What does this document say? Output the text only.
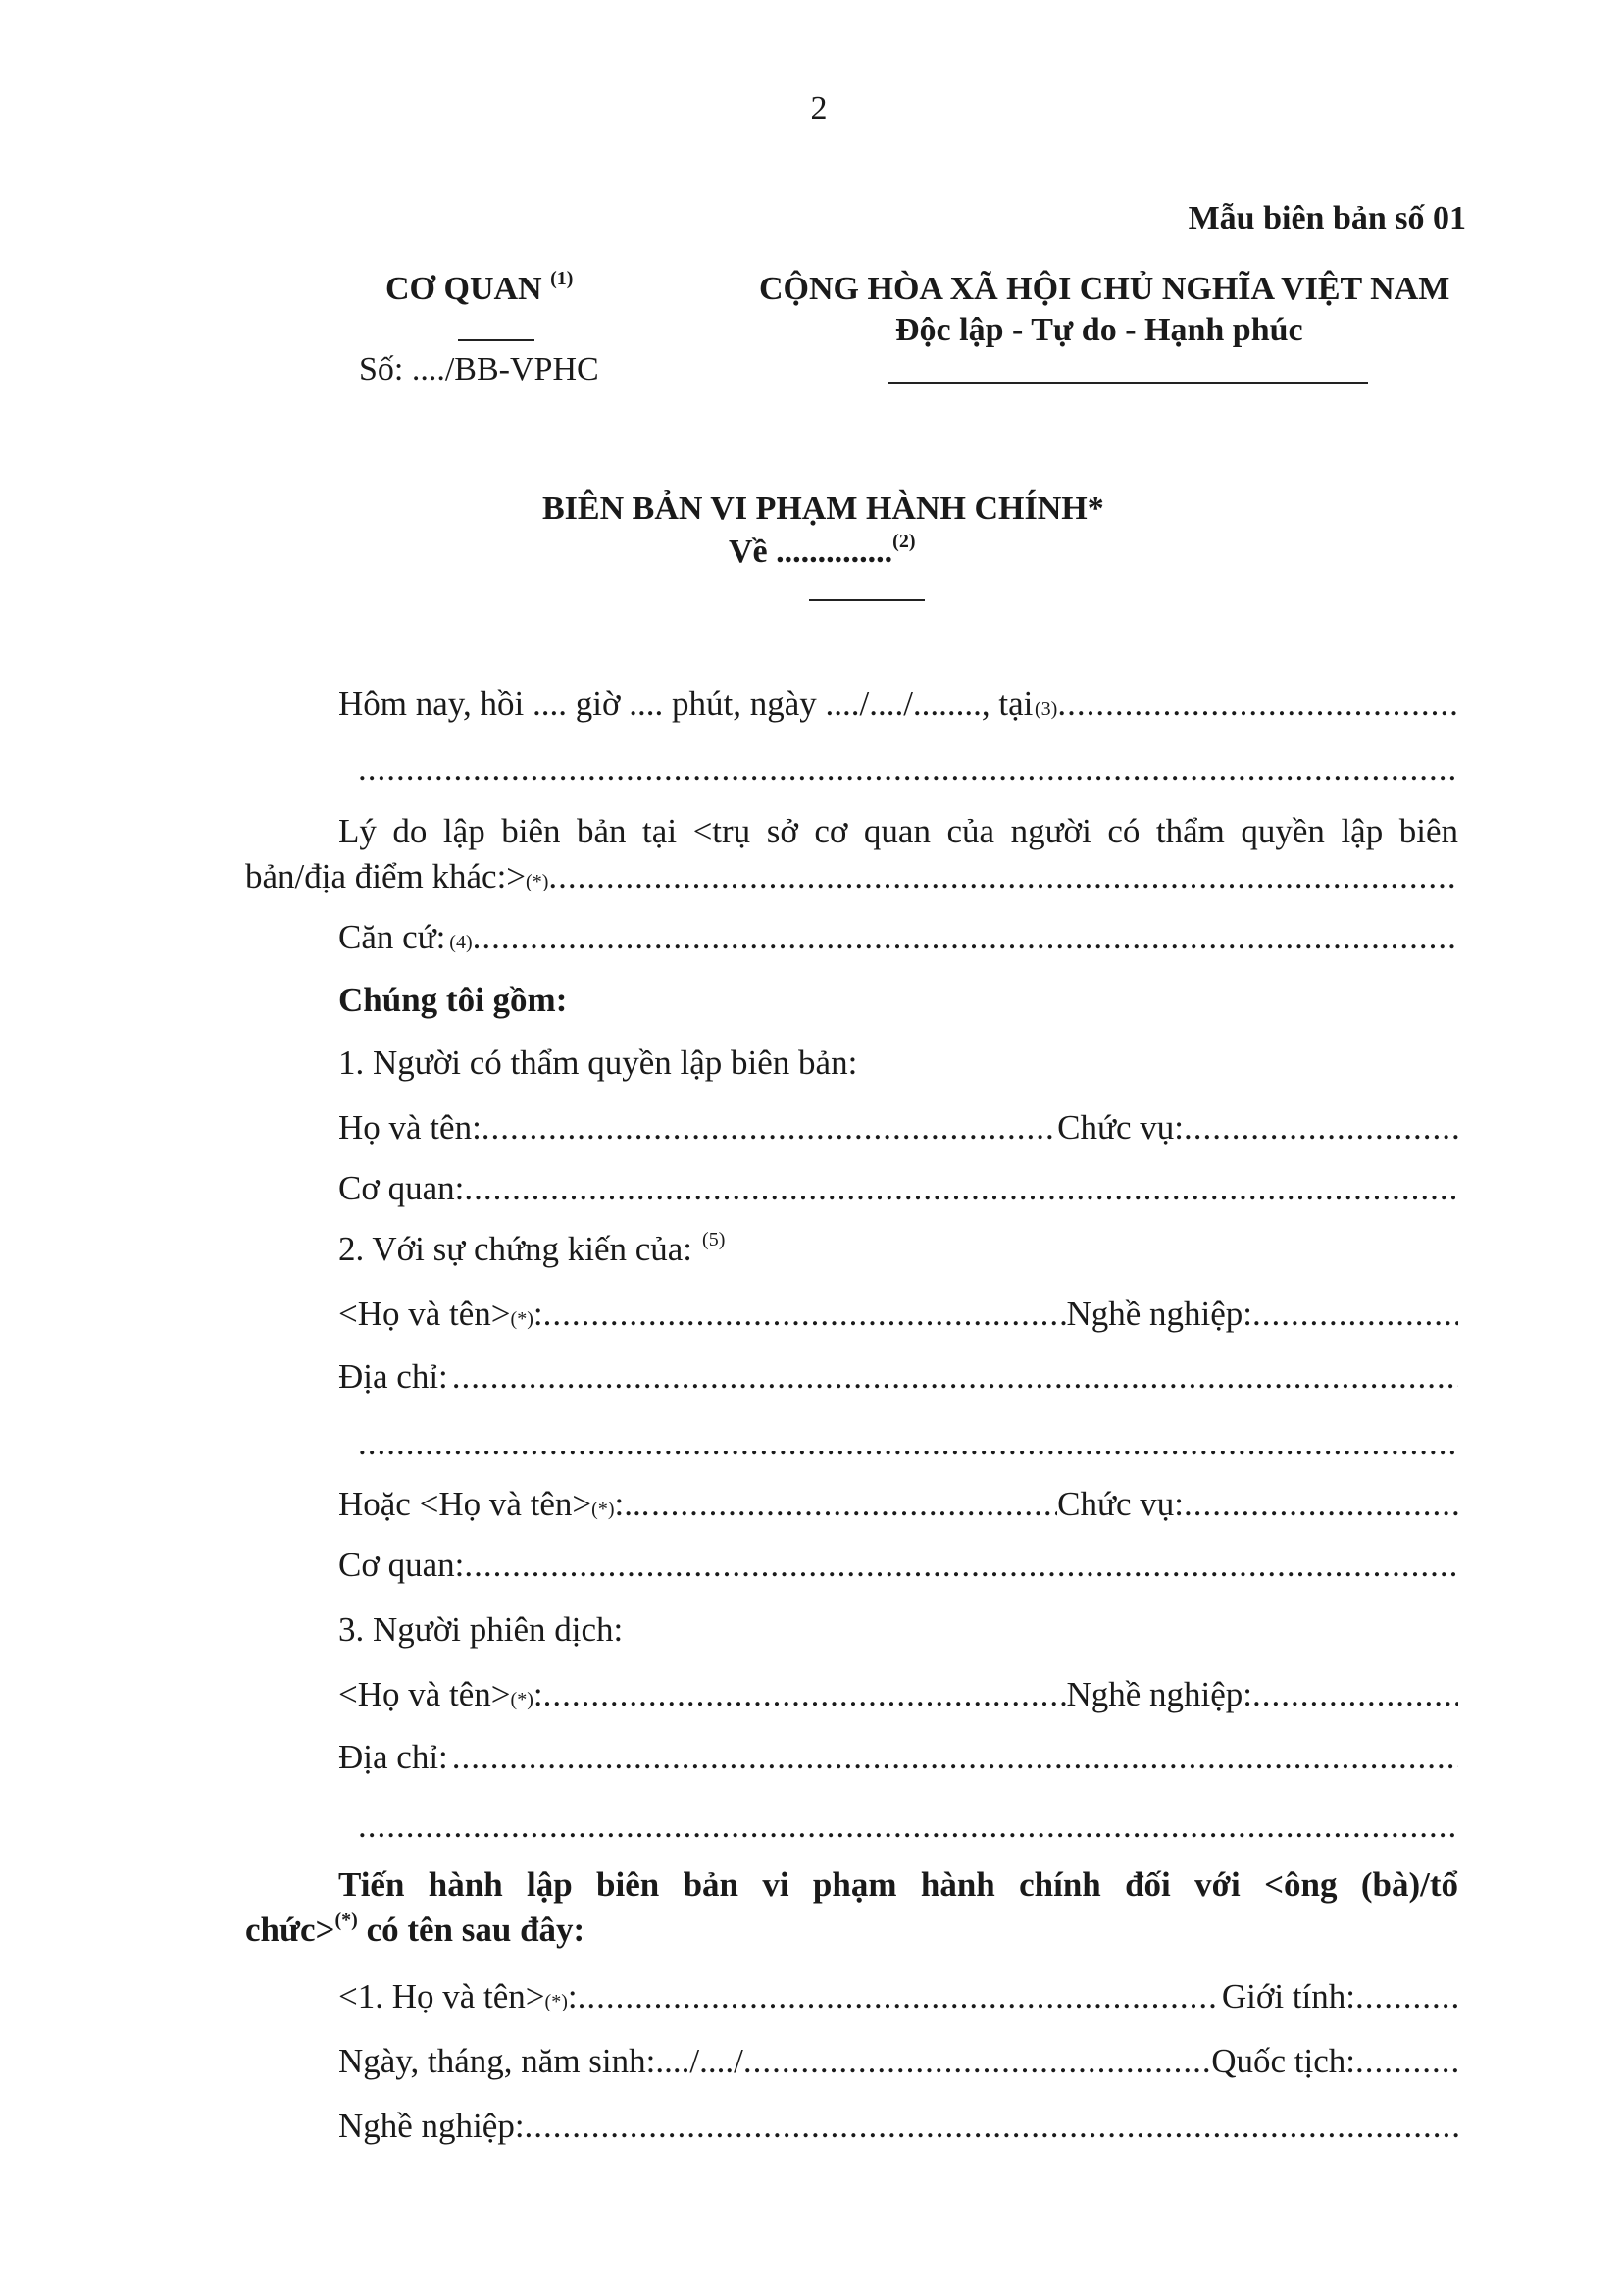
2
Mẫu biên bản số 01
CƠ QUAN $^{(1)}$
Số: ..../BB-VPHC
CỘNG HÒA XÃ HỘI CHỦ NGHĨA VIỆT NAM
Độc lập - Tự do - Hạnh phúc
BIÊN BẢN VI PHẠM HÀNH CHÍNH*
Về ..............$^{(2)}$
Hôm nay, hồi .... giờ .... phút, ngày ..../..../........, tại (3)
.....
.....
Lý do lập biên bản tại <trụ sở cơ quan của người có thẩm quyền lập biên
bản/địa điểm khác:> (*)
.....
Căn cứ: (4)
.....
Chúng tôi gồm:
1. Người có thẩm quyền lập biên bản:
Họ và tên: .....	Chức vụ:
.....
Cơ quan:
.....
2. Với sự chứng kiến của: $^{(5)}$
<Họ và tên> (*) : .....	Nghề nghiệp:
.....
Địa chỉ:
.....
.....
Hoặc <Họ và tên> (*) :... .....	Chức vụ:
.....
Cơ quan:
.....
3. Người phiên dịch:
<Họ và tên> (*) : .....	Nghề nghiệp:
.....
Địa chỉ:
.....
.....
Tiến hành lập biên bản vi phạm hành chính đối với <ông (bà)/tổ
chức>(*) có tên sau đây:
<1. Họ và tên> (*) : .....	Giới tính:
.....
Ngày, tháng, năm sinh:..../..../ .....	Quốc tịch:
.....
Nghề nghiệp:
.....
